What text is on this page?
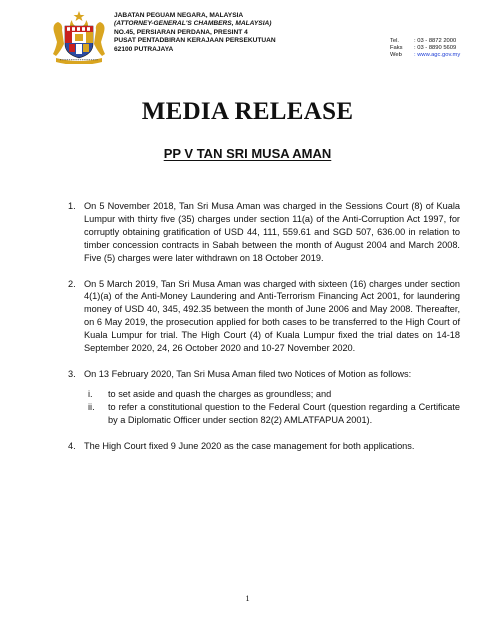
JABATAN PEGUAM NEGARA, MALAYSIA
(ATTORNEY-GENERAL'S CHAMBERS, MALAYSIA)
NO.45, PERSIARAN PERDANA, PRESINT 4
PUSAT PENTADBIRAN KERAJAAN PERSEKUTUAN
62100 PUTRAJAYA
Tel.	: 03 - 8872 2000
Faks : 03 - 8890 5609
Web : www.agc.gov.my
MEDIA RELEASE
PP V TAN SRI MUSA AMAN
1. On 5 November 2018, Tan Sri Musa Aman was charged in the Sessions Court (8) of Kuala Lumpur with thirty five (35) charges under section 11(a) of the Anti-Corruption Act 1997, for corruptly obtaining gratification of USD 44, 111, 559.61 and SGD 507, 636.00 in relation to timber concession contracts in Sabah between the month of August 2004 and March 2008. Five (5) charges were later withdrawn on 18 October 2019.
2. On 5 March 2019, Tan Sri Musa Aman was charged with sixteen (16) charges under section 4(1)(a) of the Anti-Money Laundering and Anti-Terrorism Financing Act 2001, for laundering money of USD 40, 345, 492.35 between the month of June 2006 and May 2008. Thereafter, on 6 May 2019, the prosecution applied for both cases to be transferred to the High Court of Kuala Lumpur for trial. The High Court (4) of Kuala Lumpur fixed the trial dates on 14-18 September 2020, 24, 26 October 2020 and 10-27 November 2020.
3. On 13 February 2020, Tan Sri Musa Aman filed two Notices of Motion as follows:
i. to set aside and quash the charges as groundless; and
ii. to refer a constitutional question to the Federal Court (question regarding a Certificate by a Diplomatic Officer under section 82(2) AMLATFAPUA 2001).
4. The High Court fixed 9 June 2020 as the case management for both applications.
1
